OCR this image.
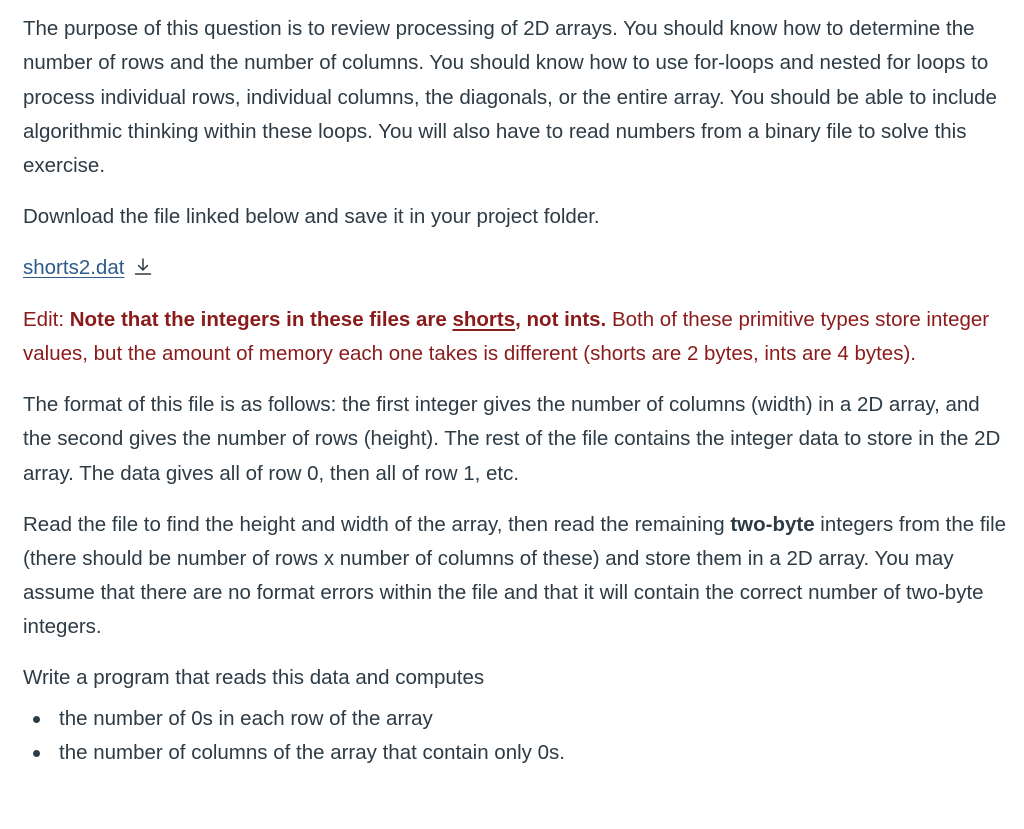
The purpose of this question is to review processing of 2D arrays. You should know how to determine the number of rows and the number of columns. You should know how to use for-loops and nested for loops to process individual rows, individual columns, the diagonals, or the entire array. You should be able to include algorithmic thinking within these loops. You will also have to read numbers from a binary file to solve this exercise.

Download the file linked below and save it in your project folder.

shorts2.dat

Edit: Note that the integers in these files are shorts, not ints. Both of these primitive types store integer values, but the amount of memory each one takes is different (shorts are 2 bytes, ints are 4 bytes).

The format of this file is as follows: the first integer gives the number of columns (width) in a 2D array, and the second gives the number of rows (height). The rest of the file contains the integer data to store in the 2D array. The data gives all of row 0, then all of row 1, etc.

Read the file to find the height and width of the array, then read the remaining two-byte integers from the file (there should be number of rows x number of columns of these) and store them in a 2D array. You may assume that there are no format errors within the file and that it will contain the correct number of two-byte integers.

Write a program that reads this data and computes

the number of 0s in each row of the array
the number of columns of the array that contain only 0s.
